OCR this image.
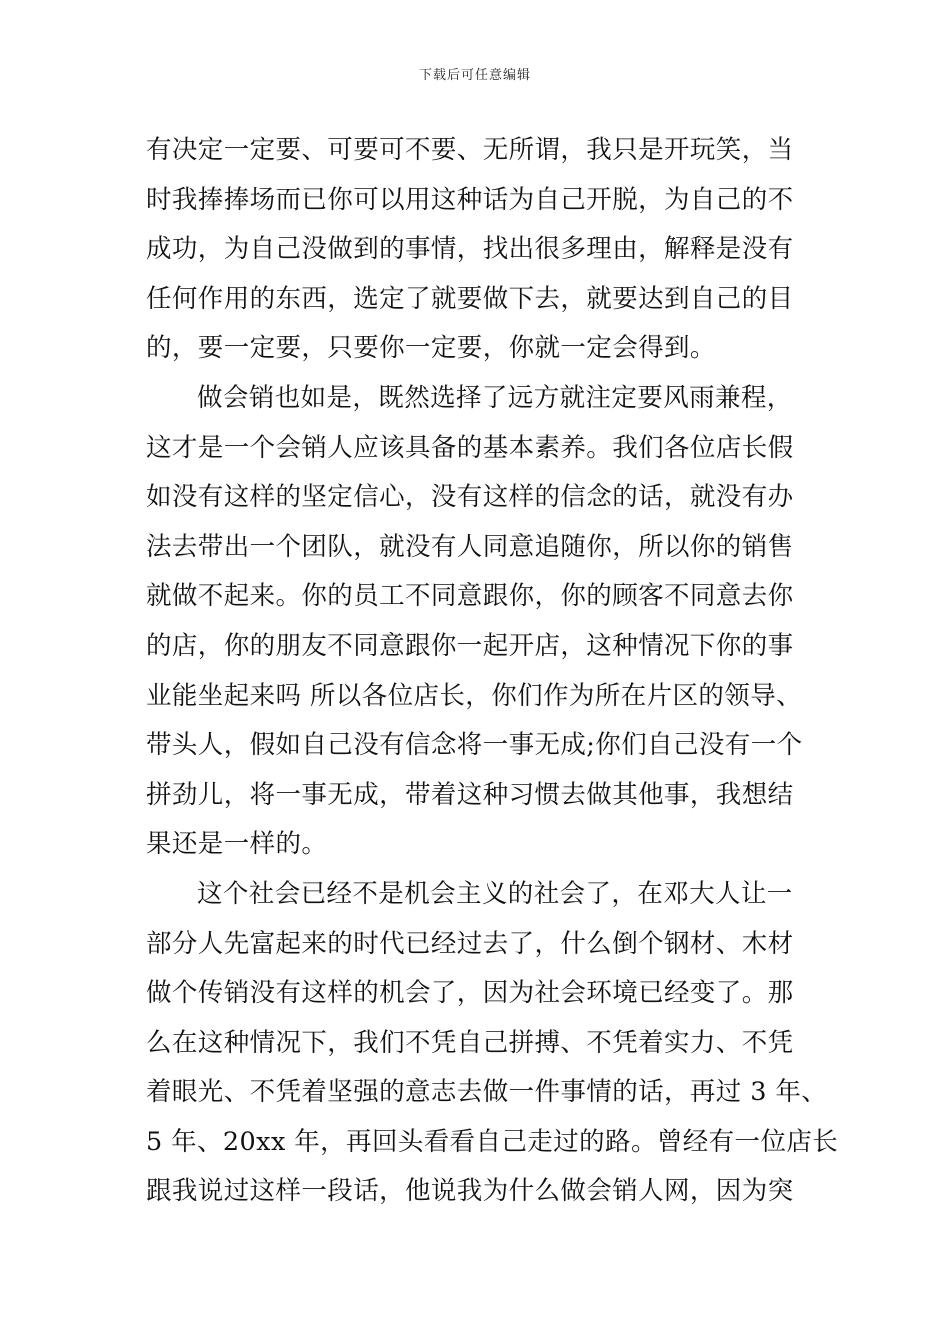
下载后可任意编辑
有决定一定要、可要可不要、无所谓，我只是开玩笑，当
时我捧捧场而已你可以用这种话为自己开脱，为自己的不
成功，为自己没做到的事情，找出很多理由，解释是没有
任何作用的东西，选定了就要做下去，就要达到自己的目
的，要一定要，只要你一定要，你就一定会得到。
做会销也如是，既然选择了远方就注定要风雨兼程，
这才是一个会销人应该具备的基本素养。我们各位店长假
如没有这样的坚定信心，没有这样的信念的话，就没有办
法去带出一个团队，就没有人同意追随你，所以你的销售
就做不起来。你的员工不同意跟你，你的顾客不同意去你
的店，你的朋友不同意跟你一起开店，这种情况下你的事
业能坐起来吗 所以各位店长，你们作为所在片区的领导、
带头人，假如自己没有信念将一事无成;你们自己没有一个
拼劲儿，将一事无成，带着这种习惯去做其他事，我想结
果还是一样的。
这个社会已经不是机会主义的社会了，在邓大人让一
部分人先富起来的时代已经过去了，什么倒个钢材、木材
做个传销没有这样的机会了，因为社会环境已经变了。那
么在这种情况下，我们不凭自己拼搏、不凭着实力、不凭
着眼光、不凭着坚强的意志去做一件事情的话，再过 3 年、
5 年、20xx 年，再回头看看自己走过的路。曾经有一位店长
跟我说过这样一段话，他说我为什么做会销人网，因为突
